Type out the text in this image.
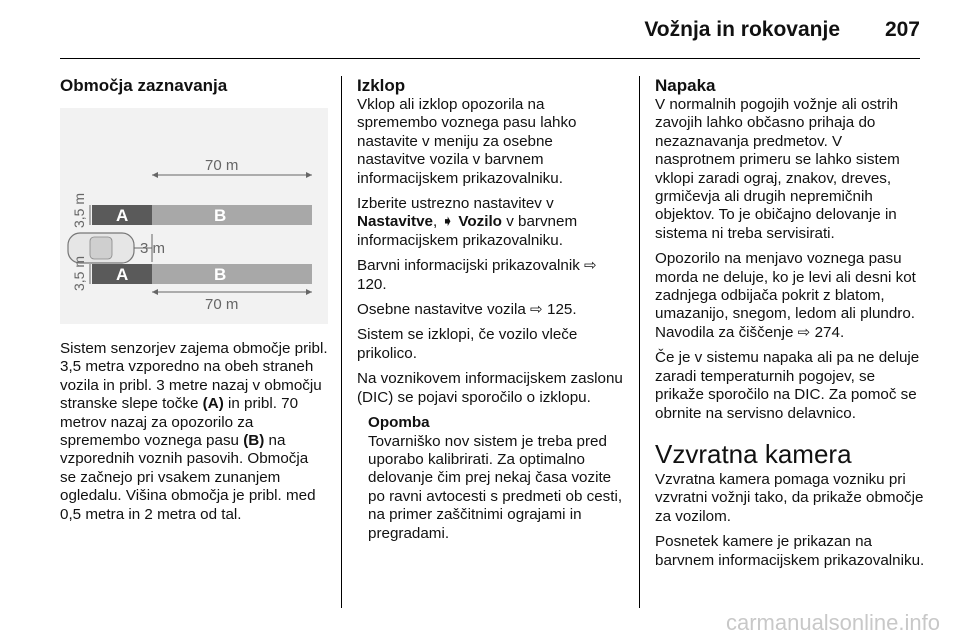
Vožnja in rokovanje 207
Območja zaznavanja
70 m
A	B
3,5 m
3 m
A	B
3,5 m
70 m

Sistem senzorjev zajema območje pribl. 3,5 metra vzporedno na obeh straneh vozila in pribl. 3 metre nazaj v območju stranske slepe točke (A) in pribl. 70 metrov nazaj za opozorilo za spremembo voznega pasu (B) na vzporednih voznih pasovih. Območja se začnejo pri vsakem zunanjem ogledalu. Višina območja je pribl. med 0,5 metra in 2 metra od tal.

Izklop

Vklop ali izklop opozorila na spremembo voznega pasu lahko nastavite v meniju za osebne nastavitve vozila v barvnem informacijskem prikazovalniku.

Izberite ustrezno nastavitev v Nastavitve, ➧ Vozilo v barvnem informacijskem prikazovalniku.

Barvni informacijski prikazovalnik ⇨ 120.

Osebne nastavitve vozila ⇨ 125.

Sistem se izklopi, če vozilo vleče prikolico.

Na voznikovem informacijskem zaslonu (DIC) se pojavi sporočilo o izklopu.

Opomba

Tovarniško nov sistem je treba pred uporabo kalibrirati. Za optimalno delovanje čim prej nekaj časa vozite po ravni avtocesti s predmeti ob cesti, na primer zaščitnimi ograjami in pregradami.

Napaka

V normalnih pogojih vožnje ali ostrih zavojih lahko občasno prihaja do nezaznavanja predmetov. V nasprotnem primeru se lahko sistem vklopi zaradi ograj, znakov, dreves, grmičevja ali drugih nepremičnih objektov. To je običajno delovanje in sistema ni treba servisirati.

Opozorilo na menjavo voznega pasu morda ne deluje, ko je levi ali desni kot zadnjega odbijača pokrit z blatom, umazanijo, snegom, ledom ali plundro. Navodila za čiščenje ⇨ 274.

Če je v sistemu napaka ali pa ne deluje zaradi temperaturnih pogojev, se prikaže sporočilo na DIC. Za pomoč se obrnite na servisno delavnico.

Vzvratna kamera

Vzvratna kamera pomaga vozniku pri vzvratni vožnji tako, da prikaže območje za vozilom.

Posnetek kamere je prikazan na barvnem informacijskem prikazovalniku.

carmanualsonline.info
